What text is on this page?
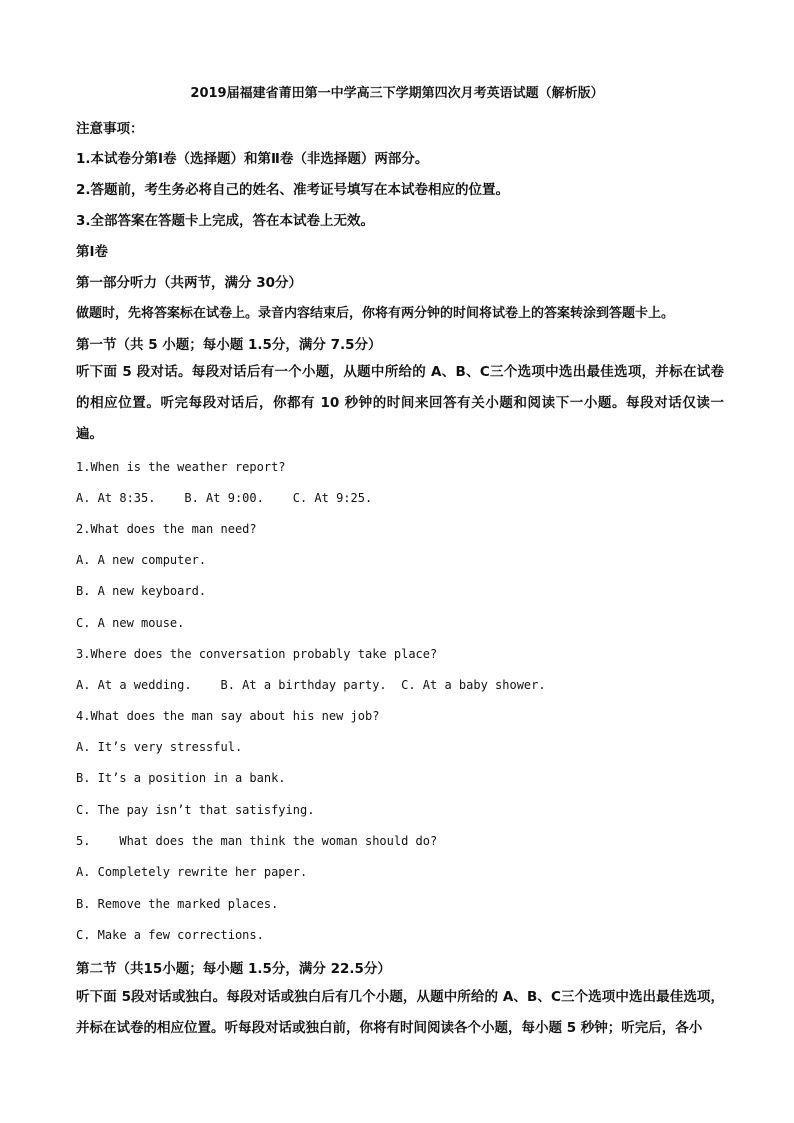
2019届福建省莆田第一中学高三下学期第四次月考英语试题（解析版）
注意事项：
1.本试卷分第Ⅰ卷（选择题）和第Ⅱ卷（非选择题）两部分。
2.答题前，考生务必将自己的姓名、准考证号填写在本试卷相应的位置。
3.全部答案在答题卡上完成，答在本试卷上无效。
第Ⅰ卷
第一部分听力（共两节，满分 30分）
做题时，先将答案标在试卷上。录音内容结束后，你将有两分钟的时间将试卷上的答案转涂到答题卡上。
第一节（共 5 小题；每小题 1.5分，满分 7.5分）
听下面 5 段对话。每段对话后有一个小题，从题中所给的 A、B、C三个选项中选出最佳选项，并标在试卷的相应位置。听完每段对话后，你都有 10 秒钟的时间来回答有关小题和阅读下一小题。每段对话仅读一遍。
1.When is the weather report?
A. At 8:35.    B. At 9:00.    C. At 9:25.
2.What does the man need?
A. A new computer.
B. A new keyboard.
C. A new mouse.
3.Where does the conversation probably take place?
A. At a wedding.    B. At a birthday party.  C. At a baby shower.
4.What does the man say about his new job?
A. It’s very stressful.
B. It’s a position in a bank.
C. The pay isn’t that satisfying.
5.    What does the man think the woman should do?
A. Completely rewrite her paper.
B. Remove the marked places.
C. Make a few corrections.
第二节（共15小题；每小题 1.5分，满分 22.5分）
听下面 5段对话或独白。每段对话或独白后有几个小题，从题中所给的 A、B、C三个选项中选出最佳选项，并标在试卷的相应位置。听每段对话或独白前，你将有时间阅读各个小题，每小题 5 秒钟；听完后，各小
